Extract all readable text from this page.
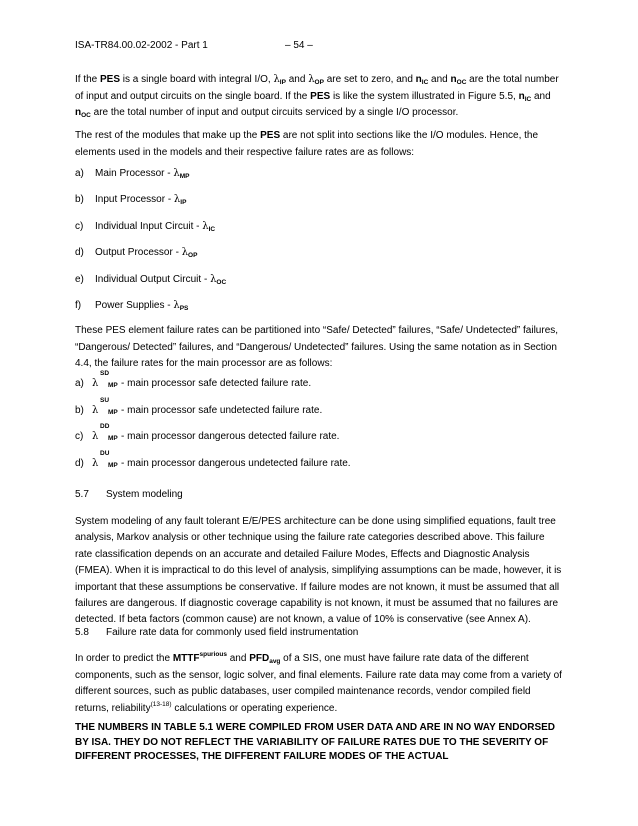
ISA-TR84.00.02-2002 - Part 1	– 54 –

If the PES is a single board with integral I/O, $\lambda_{IP}$ and $\lambda_{OP}$ are set to zero, and $n_{IC}$ and $n_{OC}$ are the total number of input and output circuits on the single board. If the PES is like the system illustrated in Figure 5.5, $n_{IC}$ and $n_{OC}$ are the total number of input and output circuits serviced by a single I/O processor.

The rest of the modules that make up the PES are not split into sections like the I/O modules. Hence, the elements used in the models and their respective failure rates are as follows:

a) Main Processor - $\lambda_{MP}$
b) Input Processor - $\lambda_{IP}$
c) Individual Input Circuit - $\lambda_{IC}$
d) Output Processor - $\lambda_{OP}$
e) Individual Output Circuit - $\lambda_{OC}$
f) Power Supplies - $\lambda_{PS}$

These PES element failure rates can be partitioned into “Safe/ Detected” failures, “Safe/ Undetected” failures, “Dangerous/ Detected” failures, and “Dangerous/ Undetected” failures. Using the same notation as in Section 4.4, the failure rates for the main processor are as follows:

a) λ
SD
MP - main processor safe detected failure rate.
b) λ
SU
MP - main processor safe undetected failure rate.
c) λ
DD
MP - main processor dangerous detected failure rate.
d) λ
DU
MP - main processor dangerous undetected failure rate.
5.7 System modeling

System modeling of any fault tolerant E/E/PES architecture can be done using simplified equations, fault tree analysis, Markov analysis or other technique using the failure rate categories described above. This failure rate classification depends on an accurate and detailed Failure Modes, Effects and Diagnostic Analysis (FMEA). When it is impractical to do this level of analysis, simplifying assumptions can be made, however, it is important that these assumptions be conservative. If failure modes are not known, it must be assumed that all failures are dangerous. If diagnostic coverage capability is not known, it must be assumed that no failures are detected. If beta factors (common cause) are not known, a value of 10% is conservative (see Annex A).

5.8 Failure rate data for commonly used field instrumentation

In order to predict the $MTTF^{spurious}$ and $PFD_{avg}$ of a SIS, one must have failure rate data of the different components, such as the sensor, logic solver, and final elements. Failure rate data may come from a variety of different sources, such as public databases, user compiled maintenance records, vendor compiled field returns, reliability$^{(13-18)}$ calculations or operating experience.

THE NUMBERS IN TABLE 5.1 WERE COMPILED FROM USER DATA AND ARE IN NO WAY ENDORSED BY ISA. THEY DO NOT REFLECT THE VARIABILITY OF FAILURE RATES DUE TO THE SEVERITY OF DIFFERENT PROCESSES, THE DIFFERENT FAILURE MODES OF THE ACTUAL
